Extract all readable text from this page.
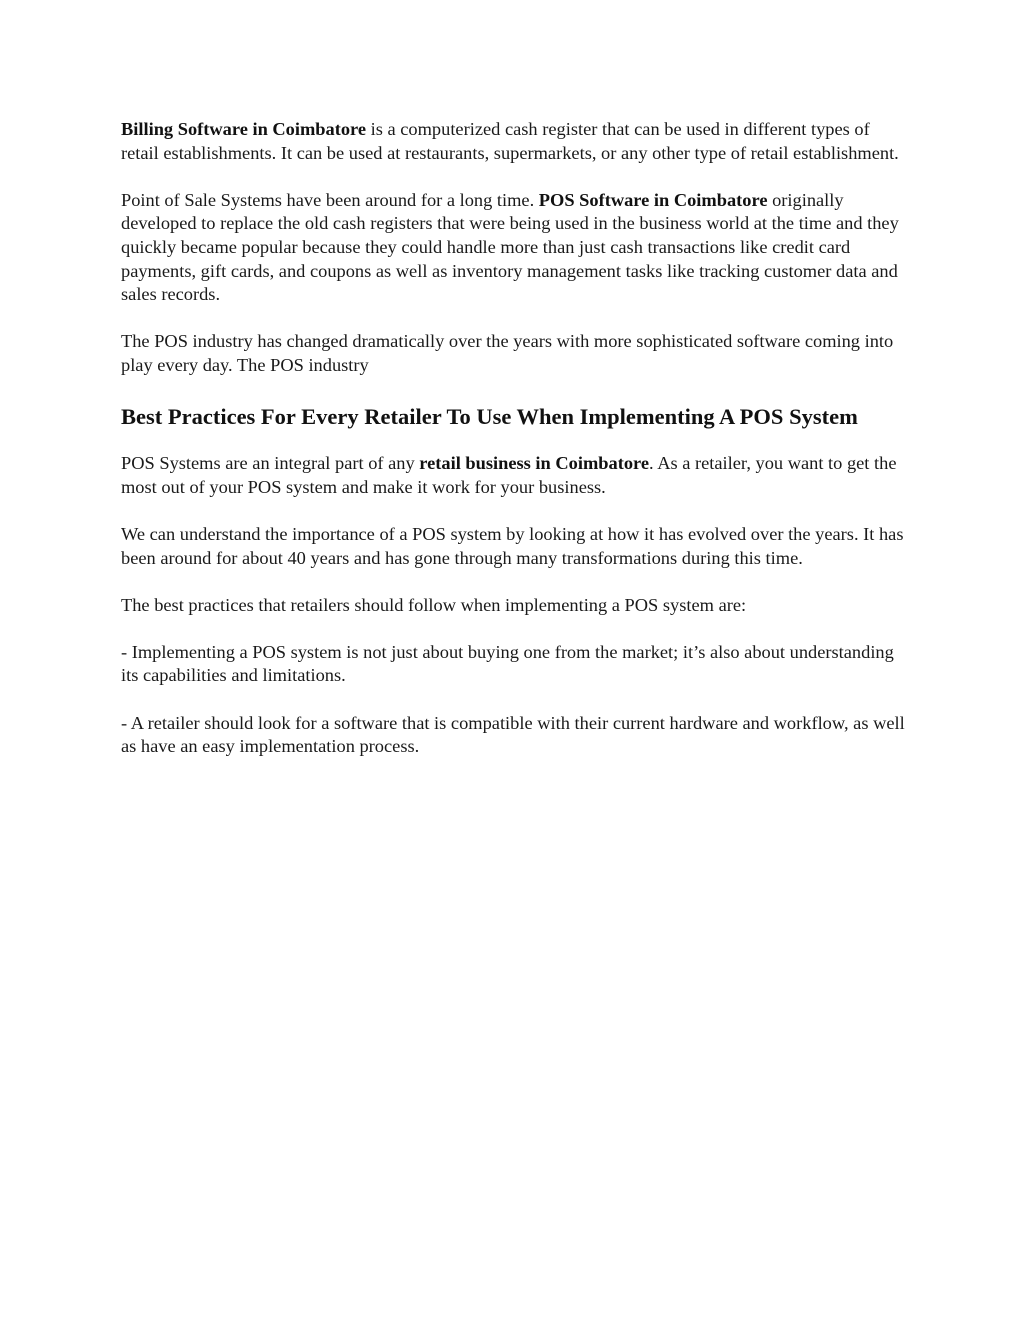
Billing Software in Coimbatore is a computerized cash register that can be used in different types of retail establishments. It can be used at restaurants, supermarkets, or any other type of retail establishment.

Point of Sale Systems have been around for a long time. POS Software in Coimbatore originally developed to replace the old cash registers that were being used in the business world at the time and they quickly became popular because they could handle more than just cash transactions like credit card payments, gift cards, and coupons as well as inventory management tasks like tracking customer data and sales records.

The POS industry has changed dramatically over the years with more sophisticated software coming into play every day. The POS industry

Best Practices For Every Retailer To Use When Implementing A POS System

POS Systems are an integral part of any retail business in Coimbatore. As a retailer, you want to get the most out of your POS system and make it work for your business.

We can understand the importance of a POS system by looking at how it has evolved over the years. It has been around for about 40 years and has gone through many transformations during this time.

The best practices that retailers should follow when implementing a POS system are:

- Implementing a POS system is not just about buying one from the market; it’s also about understanding its capabilities and limitations.

- A retailer should look for a software that is compatible with their current hardware and workflow, as well as have an easy implementation process.
